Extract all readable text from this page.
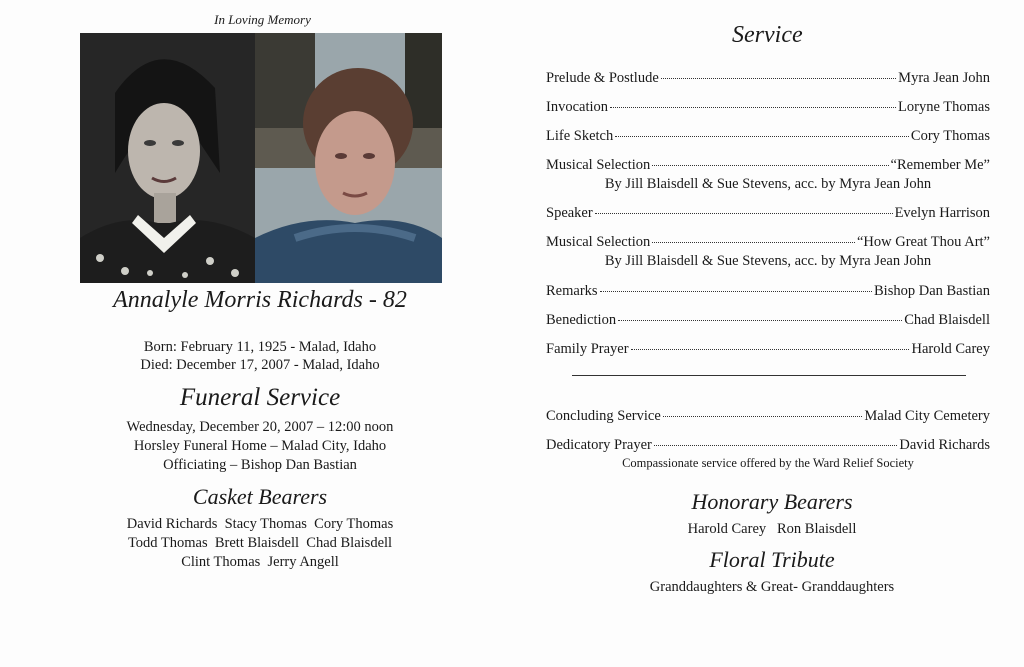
In Loving Memory
Annalyle Morris Richards - 82
Born: February 11, 1925 - Malad, Idaho
Died: December 17, 2007 - Malad, Idaho
Funeral Service
Wednesday, December 20, 2007 – 12:00 noon
Horsley Funeral Home – Malad City, Idaho
Officiating – Bishop Dan Bastian
Casket Bearers
David Richards  Stacy Thomas  Cory Thomas
Todd Thomas  Brett Blaisdell  Chad Blaisdell
Clint Thomas  Jerry Angell
Service
Prelude & Postlude	Myra Jean John
Invocation	Loryne Thomas
Life Sketch	Cory Thomas
Musical Selection	“Remember Me”
By Jill Blaisdell & Sue Stevens, acc. by Myra Jean John
Speaker	Evelyn Harrison
Musical Selection	“How Great Thou Art”
By Jill Blaisdell & Sue Stevens, acc. by Myra Jean John
Remarks	Bishop Dan Bastian
Benediction	Chad Blaisdell
Family Prayer	Harold Carey
Concluding Service	Malad City Cemetery
Dedicatory Prayer	David Richards
Compassionate service offered by the Ward Relief Society
Honorary Bearers
Harold Carey   Ron Blaisdell
Floral Tribute
Granddaughters & Great- Granddaughters
